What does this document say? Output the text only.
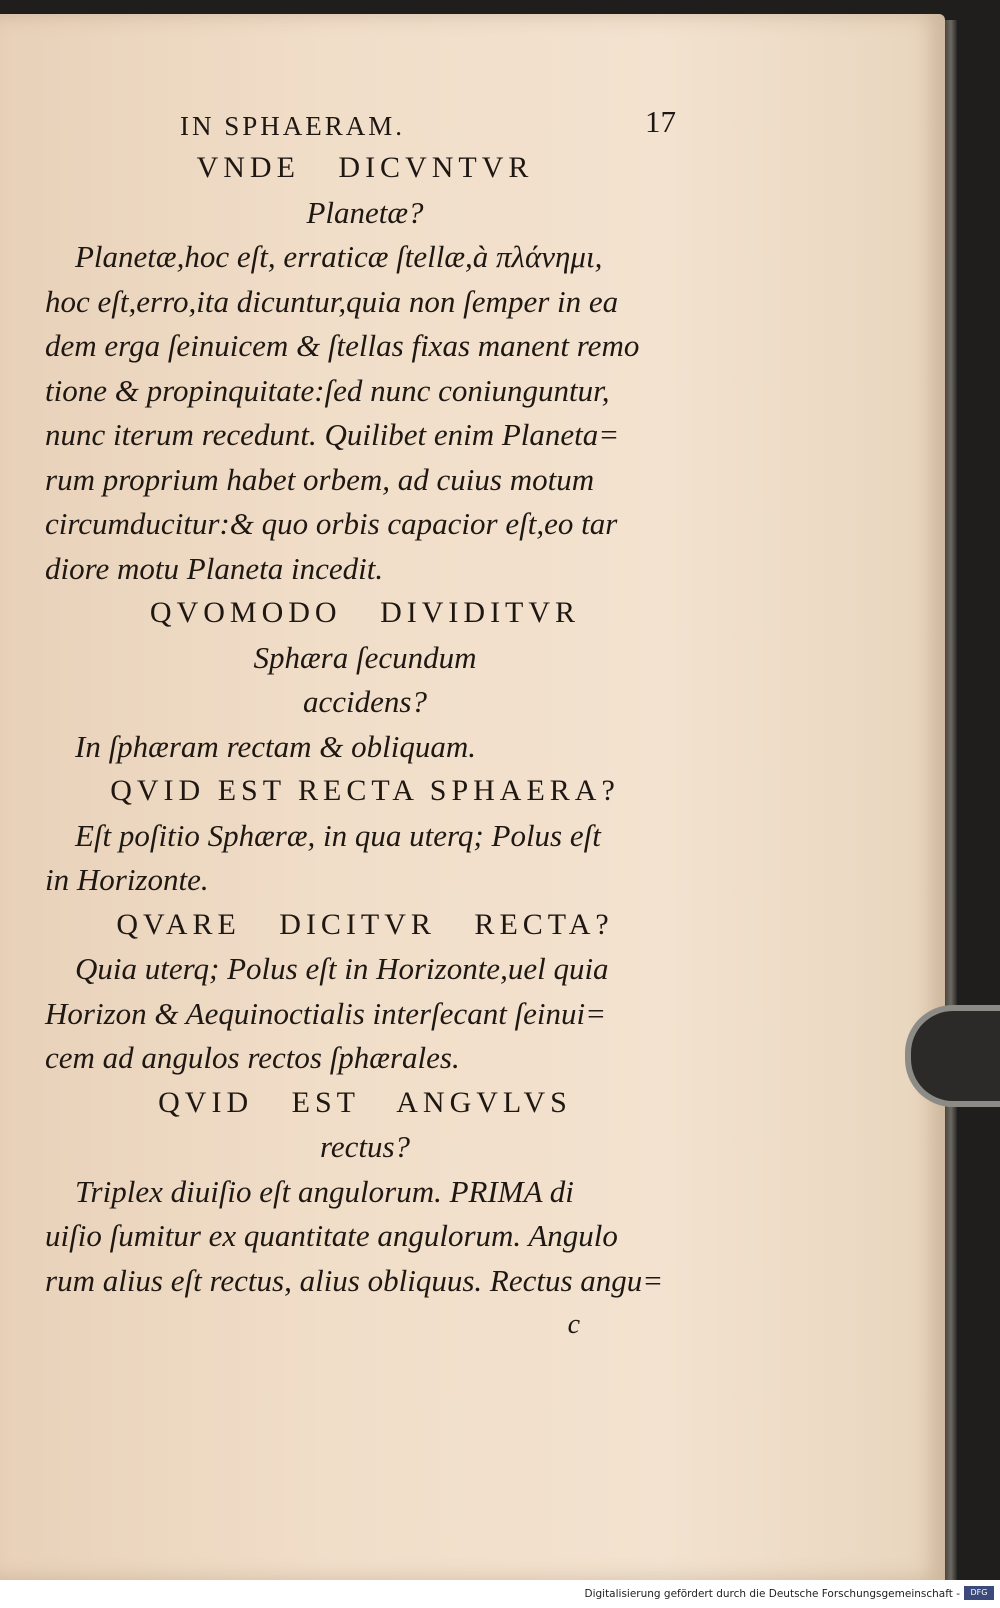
IN SPHAERAM.	17
VNDE DICVNTVR
Planetæ?
Planetæ,hoc eſt, erraticæ ſtellæ,à πλάνημι,
hoc eſt,erro,ita dicuntur,quia non ſemper in ea
dem erga ſeinuicem & ſtellas fixas manent remo
tione & propinquitate:ſed nunc coniunguntur,
nunc iterum recedunt. Quilibet enim Planeta=
rum proprium habet orbem, ad cuius motum
circumducitur:& quo orbis capacior eſt,eo tar
diore motu Planeta incedit.
QVOMODO DIVIDITVR
Sphæra ſecundum
accidens?
In ſphæram rectam & obliquam.
QVID EST RECTA SPHAERA?
Eſt poſitio Sphæræ, in qua uterq; Polus eſt
in Horizonte.
QVARE DICITVR RECTA?
Quia uterq; Polus eſt in Horizonte,uel quia
Horizon & Aequinoctialis interſecant ſeinui=
cem ad angulos rectos ſphærales.
QVID EST ANGVLVS
rectus?
Triplex diuiſio eſt angulorum. PRIMA di
uiſio ſumitur ex quantitate angulorum. Angulo
rum alius eſt rectus, alius obliquus. Rectus angu=
c
Digitalisierung gefördert durch die Deutsche Forschungsgemeinschaft -	DFG
